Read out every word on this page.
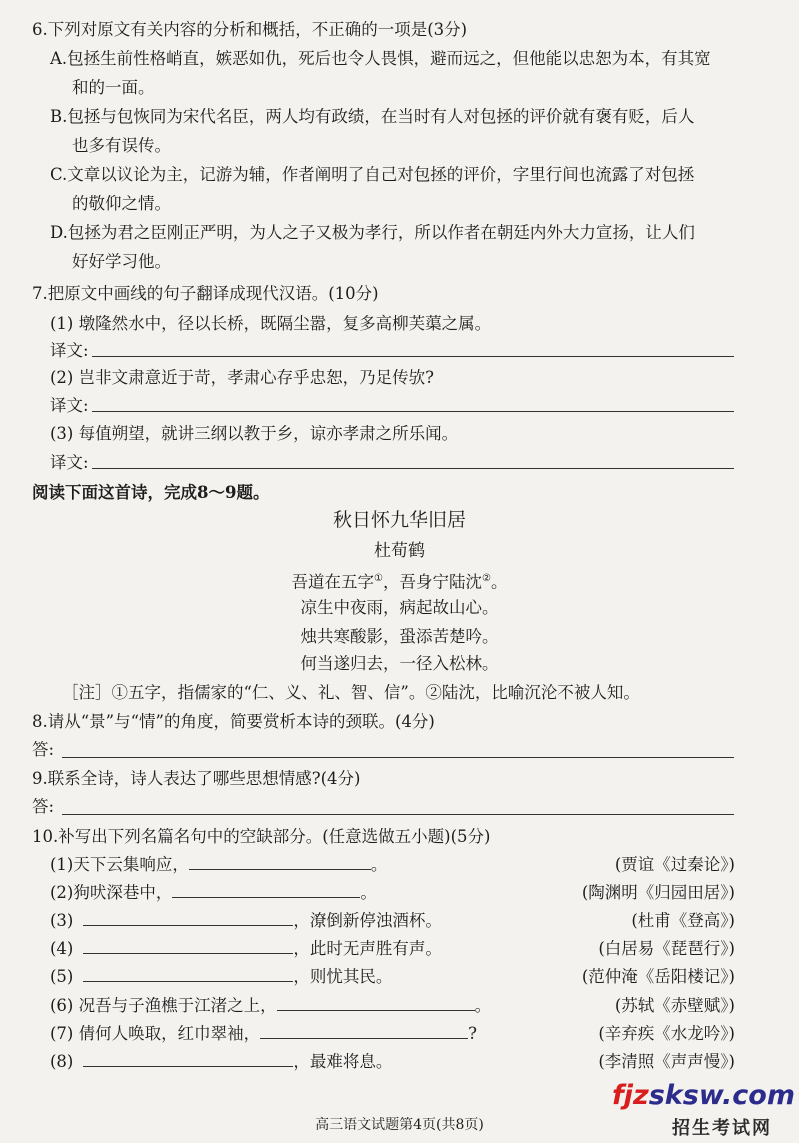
6.下列对原文有关内容的分析和概括，不正确的一项是(3分)
A.包拯生前性格峭直，嫉恶如仇，死后也令人畏惧，避而远之，但他能以忠恕为本，有其宽
和的一面。
B.包拯与包恢同为宋代名臣，两人均有政绩，在当时有人对包拯的评价就有褒有贬，后人
也多有误传。
C.文章以议论为主，记游为辅，作者阐明了自己对包拯的评价，字里行间也流露了对包拯
的敬仰之情。
D.包拯为君之臣刚正严明，为人之子又极为孝行，所以作者在朝廷内外大力宣扬，让人们
好好学习他。
7.把原文中画线的句子翻译成现代汉语。(10分)
(1) 墩隆然水中，径以长桥，既隔尘嚣，复多高柳芙蕖之属。
译文:
(2) 岂非文肃意近于苛，孝肃心存乎忠恕，乃足传欤?
译文:
(3) 每值朔望，就讲三纲以教于乡，谅亦孝肃之所乐闻。
译文:
阅读下面这首诗，完成8～9题。
秋日怀九华旧居
杜荀鹤
吾道在五字①，吾身宁陆沈②。
凉生中夜雨，病起故山心。
烛共寒酸影，蛩添苦楚吟。
何当遂归去，一径入松林。
［注］①五字，指儒家的“仁、义、礼、智、信”。②陆沈，比喻沉沦不被人知。
8.请从“景”与“情”的角度，简要赏析本诗的颈联。(4分)
答:
9.联系全诗，诗人表达了哪些思想情感?(4分)
答:
10.补写出下列名篇名句中的空缺部分。(任意选做五小题)(5分)
(1)天下云集响应，	。	(贾谊《过秦论》)
(2)狗吠深巷中，	。	(陶渊明《归园田居》)
(3)	，潦倒新停浊酒杯。	(杜甫《登高》)
(4)	，此时无声胜有声。	(白居易《琵琶行》)
(5)	，则忧其民。	(范仲淹《岳阳楼记》)
(6) 况吾与子渔樵于江渚之上，	。	(苏轼《赤壁赋》)
(7) 倩何人唤取，红巾翠袖，	?	(辛弃疾《水龙吟》)
(8)	，最难将息。	(李清照《声声慢》)
高三语文试题第4页(共8页)
fjzsksw.com
招生考试网
